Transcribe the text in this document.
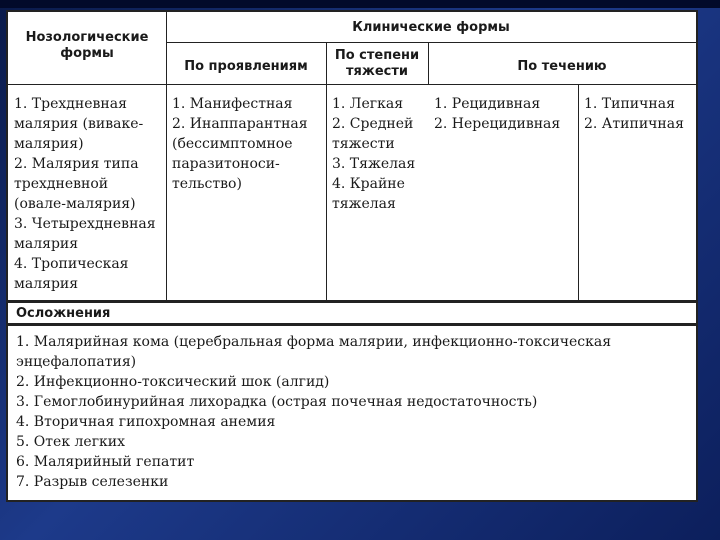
Нозологические формы
Клинические формы
По проявлениям
По степени тяжести	По течению
1. Трехдневная малярия (виваке-малярия)
2. Малярия типа трехдневной (овале-малярия)
3. Четырехдневная малярия
4. Тропическая малярия
1. Манифестная
2. Инаппарантная (бессимптомное паразитоноси-тельство)
1. Легкая
2. Средней тяжести
3. Тяжелая
4. Крайне тяжелая
1. Рецидивная
2. Нерецидивная
1. Типичная
2. Атипичная
Осложнения
1. Малярийная кома (церебральная форма малярии, инфекционно-токсическая энцефалопатия)
2. Инфекционно-токсический шок (алгид)
3. Гемоглобинурийная лихорадка (острая почечная недостаточность)
4. Вторичная гипохромная анемия
5. Отек легких
6. Малярийный гепатит
7. Разрыв селезенки
